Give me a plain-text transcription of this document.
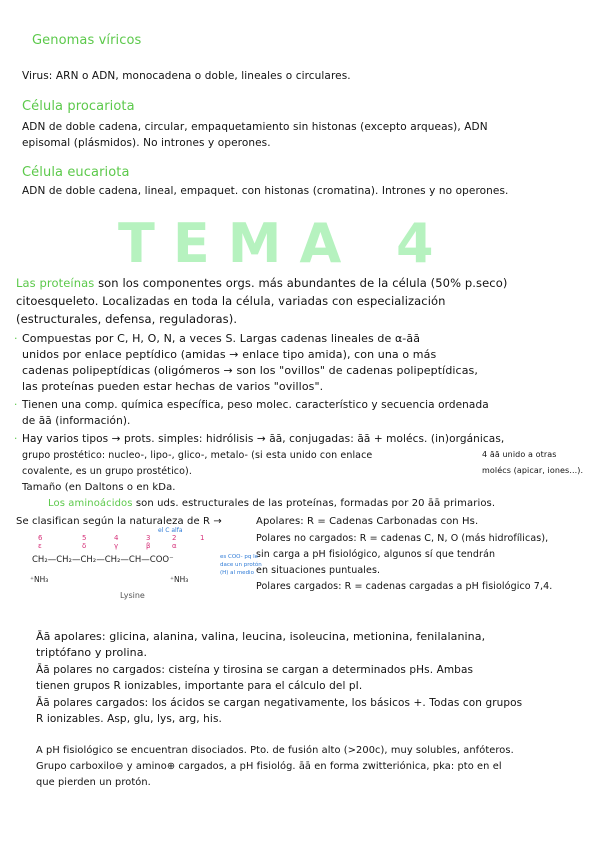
Genomas víricos
Virus: ARN o ADN, monocadena o doble, lineales o circulares.
Célula procariota
ADN de doble cadena, circular, empaquetamiento sin histonas (excepto arqueas), ADN
episomal (plásmidos). No intrones y operones.
Célula eucariota
ADN de doble cadena, lineal, empaquet. con histonas (cromatina). Intrones y no operones.
TEMA 4
Las proteínas son los componentes orgs. más abundantes de la célula (50% p.seco)
citoesqueleto. Localizadas en toda la célula, variadas con especialización
(estructurales, defensa, reguladoras).
· Compuestas por C, H, O, N, a veces S. Largas cadenas lineales de α-āā
unidos por enlace peptídico (amidas → enlace tipo amida), con una o más
cadenas polipeptídicas (oligómeros → son los "ovillos" de cadenas polipeptídicas,
las proteínas pueden estar hechas de varios "ovillos".
· Tienen una comp. química específica, peso molec. característico y secuencia ordenada
de āā (información).
· Hay varios tipos → prots. simples: hidrólisis → āā, conjugadas: āā + molécs. (in)orgánicas,
grupo prostético: nucleo-, lipo-, glico-, metalo- (si esta unido con enlace
covalente, es un grupo prostético).
Tamaño (en Daltons o en kDa.
4 āā unido a otras
molécs (apicar, iones...).
Los aminoácidos son uds. estructurales de las proteínas, formadas por 20 āā primarios.
Se clasifican según la naturaleza de R →	Apolares: R = Cadenas Carbonadas con Hs.
Polares no cargados: R = cadenas C, N, O (más hidrofílicas),
sin carga a pH fisiológico, algunos sí que tendrán
en situaciones puntuales.
Polares cargados: R = cadenas cargadas a pH fisiológico 7,4.
6	5	4	3	2	1
ε	δ	γ	β	α
el C alfa
CH₂—CH₂—CH₂—CH₂—CH—COO⁻
⁺NH₃	⁺NH₃
es COO- pq le
dace un protón
(H) al medio
Lysine
Āā apolares: glicina, alanina, valina, leucina, isoleucina, metionina, fenilalanina,
triptófano y prolina.
Āā polares no cargados: cisteína y tirosina se cargan a determinados pHs. Ambas
tienen grupos R ionizables, importante para el cálculo del pI.
Āā polares cargados: los ácidos se cargan negativamente, los básicos +. Todas con grupos
R ionizables. Asp, glu, lys, arg, his.
A pH fisiológico se encuentran disociados. Pto. de fusión alto (>200c), muy solubles, anfóteros.
Grupo carboxilo⊖ y amino⊕ cargados, a pH fisiológ. āā en forma zwitteriónica, pka: pto en el
que pierden un protón.
